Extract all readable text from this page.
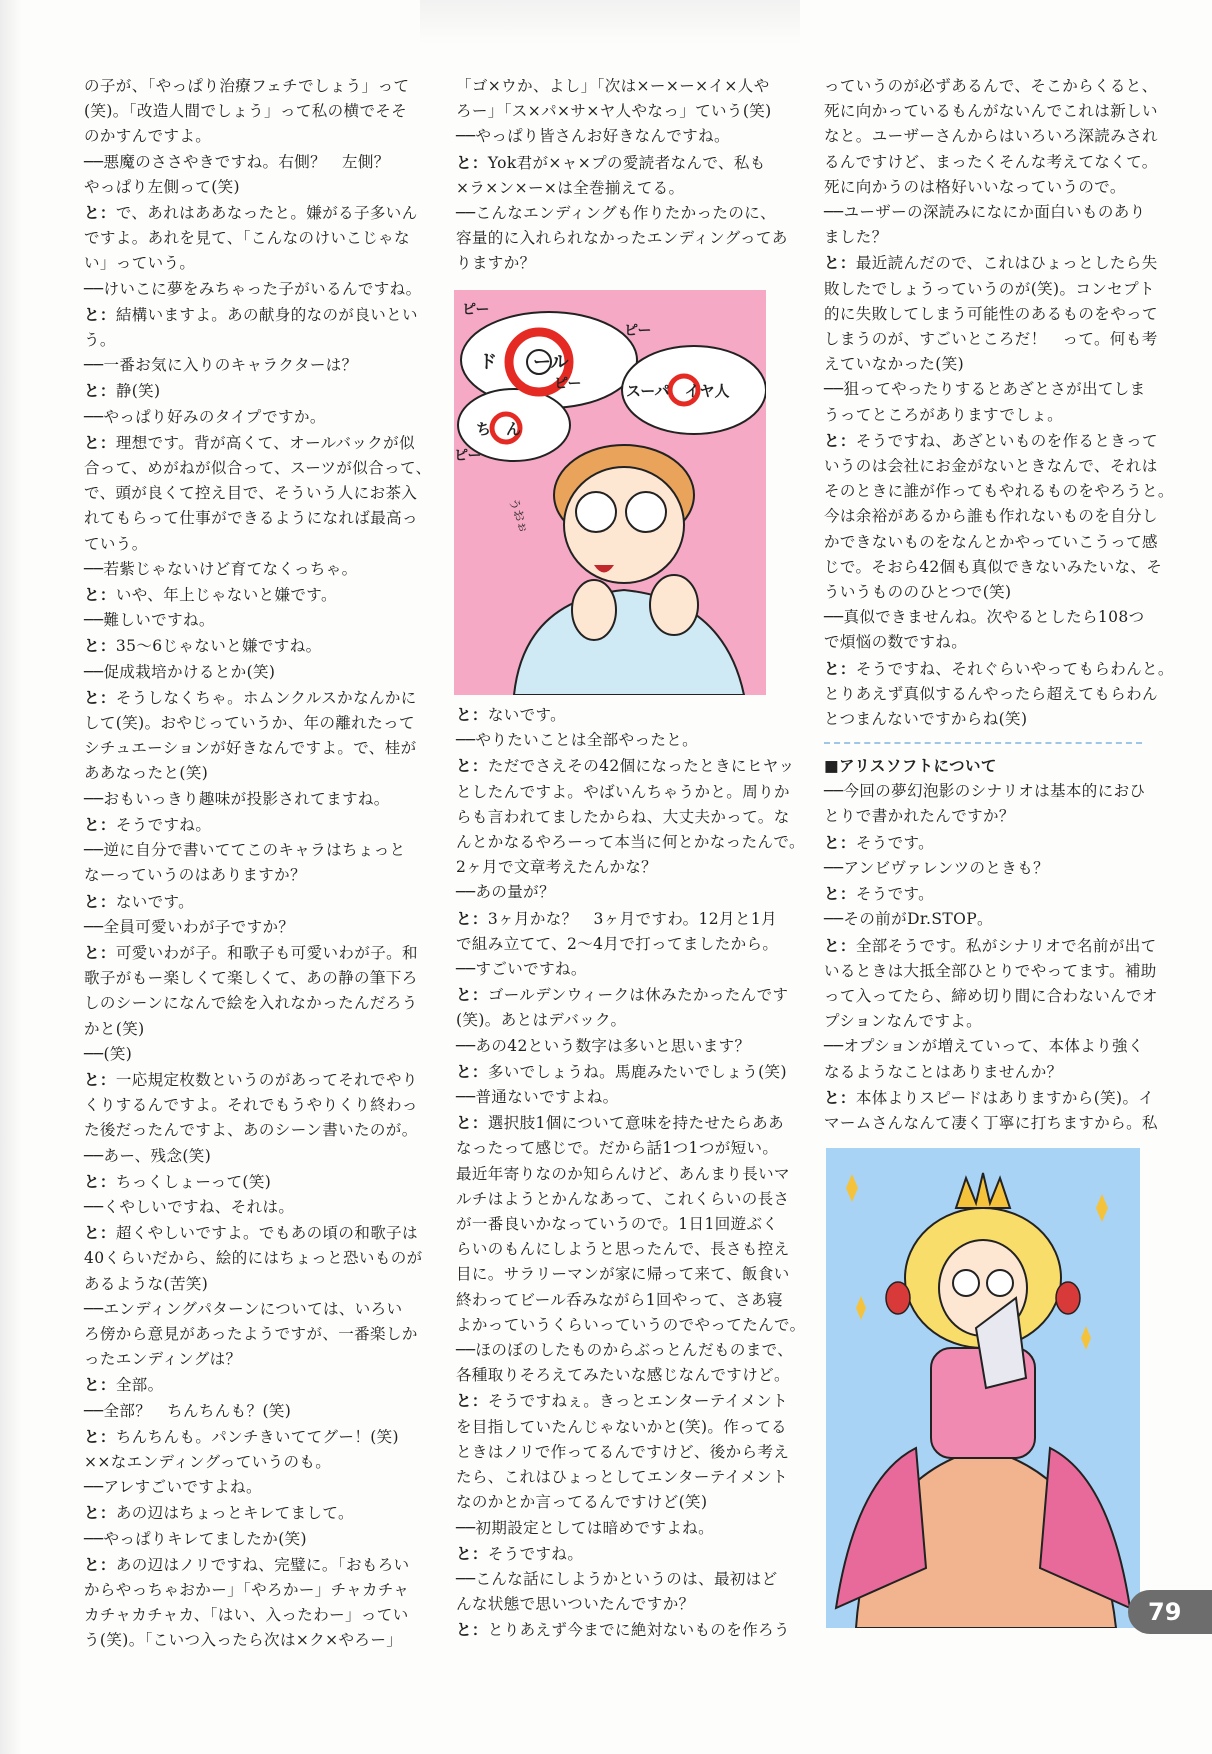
の子が、「やっぱり治療フェチでしょう」って

(笑)。「改造人間でしょう」って私の横でそそ

のかすんですよ。

──悪魔のささやきですね。右側？　左側？

やっぱり左側って(笑)

と：で、あれはああなったと。嫌がる子多いん

ですよ。あれを見て、「こんなのけいこじゃな

い」っていう。

──けいこに夢をみちゃった子がいるんですね。

と：結構いますよ。あの献身的なのが良いとい

う。

──一番お気に入りのキャラクターは？

と：静(笑)

──やっぱり好みのタイプですか。

と：理想です。背が高くて、オールバックが似

合って、めがねが似合って、スーツが似合って、

で、頭が良くて控え目で、そういう人にお茶入

れてもらって仕事ができるようになれば最高っ

ていう。

──若紫じゃないけど育てなくっちゃ。

と：いや、年上じゃないと嫌です。

──難しいですね。

と：35～6じゃないと嫌ですね。

──促成栽培かけるとか(笑)

と：そうしなくちゃ。ホムンクルスかなんかに

して(笑)。おやじっていうか、年の離れたって

シチュエーションが好きなんですよ。で、桂が

ああなったと(笑)

──おもいっきり趣味が投影されてますね。

と：そうですね。

──逆に自分で書いててこのキャラはちょっと

なーっていうのはありますか？

と：ないです。

──全員可愛いわが子ですか？

と：可愛いわが子。和歌子も可愛いわが子。和

歌子がもー楽しくて楽しくて、あの静の筆下ろ

しのシーンになんで絵を入れなかったんだろう

かと(笑)

──(笑)

と：一応規定枚数というのがあってそれでやり

くりするんですよ。それでもうやりくり終わっ

た後だったんですよ、あのシーン書いたのが。

──あー、残念(笑)

と：ちっくしょーって(笑)

──くやしいですね、それは。

と：超くやしいですよ。でもあの頃の和歌子は

40くらいだから、絵的にはちょっと恐いものが

あるような(苦笑)

──エンディングパターンについては、いろい

ろ傍から意見があったようですが、一番楽しか

ったエンディングは？

と：全部。

──全部？　ちんちんも？(笑)

と：ちんちんも。パンチきいててグー！(笑)

××なエンディングっていうのも。

──アレすごいですよね。

と：あの辺はちょっとキレてまして。

──やっぱりキレてましたか(笑)

と：あの辺はノリですね、完璧に。「おもろい

からやっちゃおかー」「やろかー」チャカチャ

カチャカチャカ、「はい、入ったわー」ってい

う(笑)。「こいつ入ったら次は×ク×やろー」

「ゴ×ウか、よし」「次は×ー×ー×イ×人や

ろー」「ス×パ×サ×ヤ人やなっ」ていう(笑)

──やっぱり皆さんお好きなんですね。

と：Yok君が×ャ×プの愛読者なんで、私も

×ラ×ン×ー×は全巻揃えてる。

──こんなエンディングも作りたかったのに、

容量的に入れられなかったエンディングってあ

りますか？

ピー
ピー
ピー
ピー
ド　　ール
スーパ　イヤ人
ち　ん
うおぉ

と：ないです。

──やりたいことは全部やったと。

と：ただでさえその42個になったときにヒヤッ

としたんですよ。やばいんちゃうかと。周りか

らも言われてましたからね、大丈夫かって。な

んとかなるやろーって本当に何とかなったんで。

2ヶ月で文章考えたんかな？

──あの量が？

と：3ヶ月かな？　3ヶ月ですわ。12月と1月

で組み立てて、2～4月で打ってましたから。

──すごいですね。

と：ゴールデンウィークは休みたかったんです

(笑)。あとはデバック。

──あの42という数字は多いと思います？

と：多いでしょうね。馬鹿みたいでしょう(笑)

──普通ないですよね。

と：選択肢1個について意味を持たせたらああ

なったって感じで。だから話1つ1つが短い。

最近年寄りなのか知らんけど、あんまり長いマ

ルチはようとかんなあって、これくらいの長さ

が一番良いかなっていうので。1日1回遊ぶく

らいのもんにしようと思ったんで、長さも控え

目に。サラリーマンが家に帰って来て、飯食い

終わってビール呑みながら1回やって、さあ寝

よかっていうくらいっていうのでやってたんで。

──ほのぼのしたものからぶっとんだものまで、

各種取りそろえてみたいな感じなんですけど。

と：そうですねぇ。きっとエンターテイメント

を目指していたんじゃないかと(笑)。作ってる

ときはノリで作ってるんですけど、後から考え

たら、これはひょっとしてエンターテイメント

なのかとか言ってるんですけど(笑)

──初期設定としては暗めですよね。

と：そうですね。

──こんな話にしようかというのは、最初はど

んな状態で思いついたんですか？

と：とりあえず今までに絶対ないものを作ろう

っていうのが必ずあるんで、そこからくると、

死に向かっているもんがないんでこれは新しい

なと。ユーザーさんからはいろいろ深読みされ

るんですけど、まったくそんな考えてなくて。

死に向かうのは格好いいなっていうので。

──ユーザーの深読みになにか面白いものあり

ました？

と：最近読んだので、これはひょっとしたら失

敗したでしょうっていうのが(笑)。コンセプト

的に失敗してしまう可能性のあるものをやって

しまうのが、すごいところだ！　って。何も考

えていなかった(笑)

──狙ってやったりするとあざとさが出てしま

うってところがありますでしょ。

と：そうですね、あざといものを作るときって

いうのは会社にお金がないときなんで、それは

そのときに誰が作ってもやれるものをやろうと。

今は余裕があるから誰も作れないものを自分し

かできないものをなんとかやっていこうって感

じで。そおら42個も真似できないみたいな、そ

ういうもののひとつで(笑)

──真似できませんね。次やるとしたら108つ

で煩悩の数ですね。

と：そうですね、それぐらいやってもらわんと。

とりあえず真似するんやったら超えてもらわん

とつまんないですからね(笑)

■アリスソフトについて

──今回の夢幻泡影のシナリオは基本的におひ

とりで書かれたんですか？

と：そうです。

──アンビヴァレンツのときも？

と：そうです。

──その前がDr.STOP。

と：全部そうです。私がシナリオで名前が出て

いるときは大抵全部ひとりでやってます。補助

って入ってたら、締め切り間に合わないんでオ

プションなんですよ。

──オプションが増えていって、本体より強く

なるようなことはありませんか？

と：本体よりスピードはありますから(笑)。イ

マームさんなんて凄く丁寧に打ちますから。私

79
